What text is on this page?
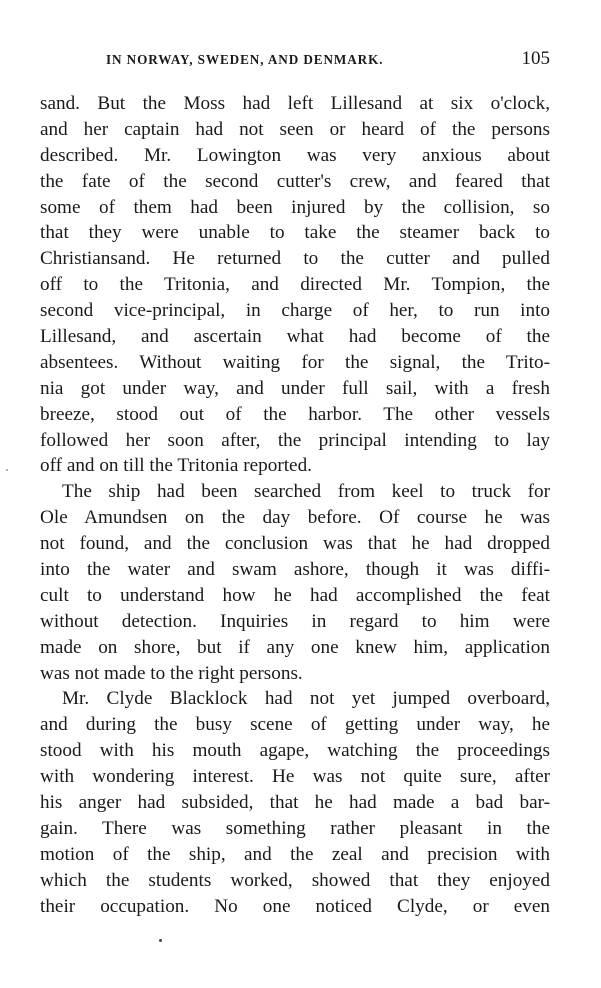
IN NORWAY, SWEDEN, AND DENMARK.	105
sand. But the Moss had left Lillesand at six o'clock,
and her captain had not seen or heard of the persons
described. Mr. Lowington was very anxious about
the fate of the second cutter's crew, and feared that
some of them had been injured by the collision, so
that they were unable to take the steamer back to
Christiansand. He returned to the cutter and pulled
off to the Tritonia, and directed Mr. Tompion, the
second vice-principal, in charge of her, to run into
Lillesand, and ascertain what had become of the
absentees. Without waiting for the signal, the Trito-
nia got under way, and under full sail, with a fresh
breeze, stood out of the harbor. The other vessels
followed her soon after, the principal intending to lay
off and on till the Tritonia reported.
The ship had been searched from keel to truck for
Ole Amundsen on the day before. Of course he was
not found, and the conclusion was that he had dropped
into the water and swam ashore, though it was diffi-
cult to understand how he had accomplished the feat
without detection. Inquiries in regard to him were
made on shore, but if any one knew him, application
was not made to the right persons.
Mr. Clyde Blacklock had not yet jumped overboard,
and during the busy scene of getting under way, he
stood with his mouth agape, watching the proceedings
with wondering interest. He was not quite sure, after
his anger had subsided, that he had made a bad bar-
gain. There was something rather pleasant in the
motion of the ship, and the zeal and precision with
which the students worked, showed that they enjoyed
their occupation. No one noticed Clyde, or even
